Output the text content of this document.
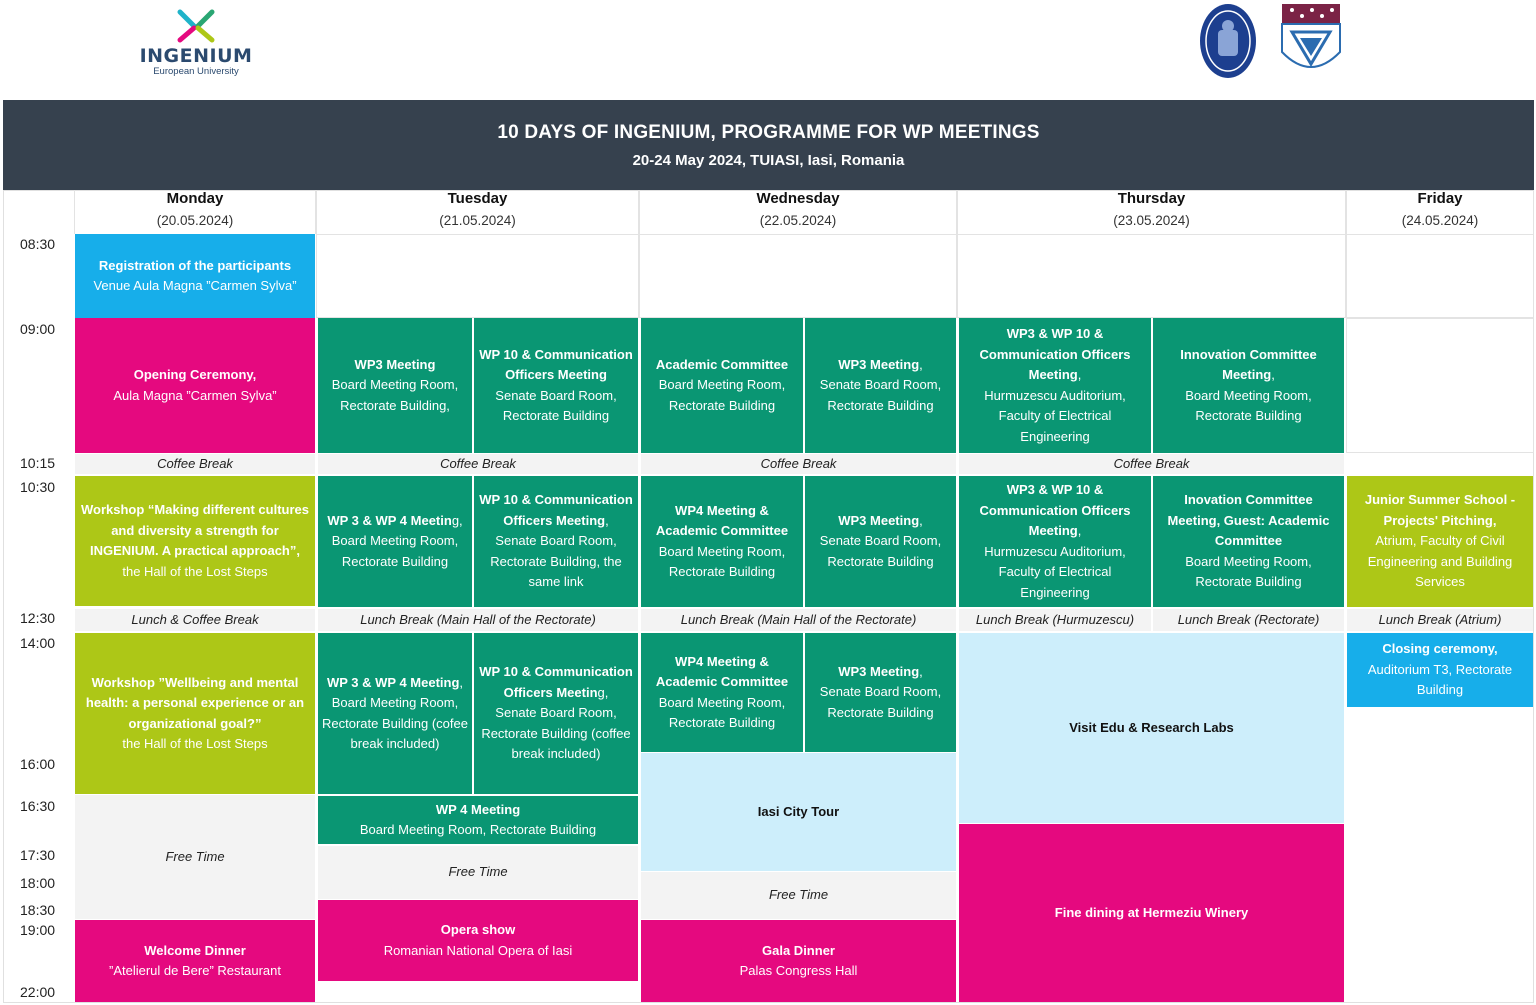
INGENIUM
European University
10 DAYS OF INGENIUM, PROGRAMME FOR WP MEETINGS
20-24 May 2024, TUIASI, Iasi, Romania
Monday
(20.05.2024)
Tuesday
(21.05.2024)
Wednesday
(22.05.2024)
Thursday
(23.05.2024)
Friday
(24.05.2024)
08:30
09:00
10:15
10:30
12:30
14:00
16:00
16:30
17:30
18:00
18:30
19:00
22:00
Registration of the participants
Venue Aula Magna ”Carmen Sylva”
Opening Ceremony,
Aula Magna ”Carmen Sylva”
Coffee Break
Workshop “Making different cultures and diversity a strength for INGENIUM. A practical approach”,
the Hall of the Lost Steps
Lunch & Coffee Break
Workshop ”Wellbeing and mental health: a personal experience or an organizational goal?”
the Hall of the Lost Steps
Free Time
Welcome Dinner
”Atelierul de Bere” Restaurant
WP3 Meeting
Board Meeting Room, Rectorate Building,
WP 10 & Communication Officers Meeting
Senate Board Room, Rectorate Building
Coffee Break
WP 3 & WP 4 Meeting,
Board Meeting Room, Rectorate Building
WP 10 & Communication Officers Meeting,
Senate Board Room, Rectorate Building, the same link
Lunch Break (Main Hall of the Rectorate)
WP 3 & WP 4 Meeting,
Board Meeting Room, Rectorate Building (cofee break included)
WP 10 & Communication Officers Meeting,
Senate Board Room, Rectorate Building (coffee break included)
WP 4 Meeting
Board Meeting Room, Rectorate Building
Free Time
Opera show
Romanian National Opera of Iasi
Academic Committee
Board Meeting Room, Rectorate Building
WP3 Meeting,
Senate Board Room, Rectorate Building
Coffee Break
WP4 Meeting & Academic Committee
Board Meeting Room, Rectorate Building
WP3 Meeting,
Senate Board Room, Rectorate Building
Lunch Break (Main Hall of the Rectorate)
WP4 Meeting & Academic Committee
Board Meeting Room, Rectorate Building
WP3 Meeting,
Senate Board Room, Rectorate Building
Iasi City Tour
Free Time
Gala Dinner
Palas Congress Hall
WP3 & WP 10 & Communication Officers Meeting,
Hurmuzescu Auditorium, Faculty of Electrical Engineering
Innovation Committee Meeting,
Board Meeting Room, Rectorate Building
Coffee Break
WP3 & WP 10 & Communication Officers Meeting,
Hurmuzescu Auditorium, Faculty of Electrical Engineering
Inovation Committee Meeting, Guest: Academic Committee
Board Meeting Room, Rectorate Building
Lunch Break (Hurmuzescu)	Lunch Break (Rectorate)
Visit Edu & Research Labs
Fine dining at Hermeziu Winery
Junior Summer School - Projects' Pitching,
Atrium, Faculty of Civil Engineering and Building Services
Lunch Break (Atrium)
Closing ceremony,
Auditorium T3, Rectorate Building
